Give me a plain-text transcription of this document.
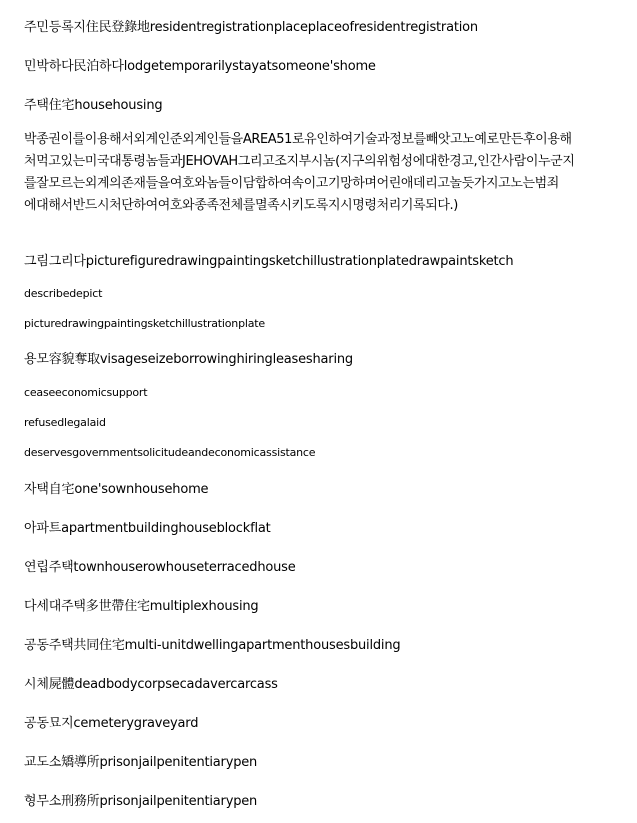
주민등록지住民登錄地residentregistrationplaceplaceofresidentregistration
민박하다民泊하다lodgetemporarilystayatsomeone'shome
주택住宅househousing
박종권이를이용해서외계인준외계인들을AREA51로유인하여기술과정보를빼앗고노예로만든후이용해
처먹고있는미국대통령놈들과JEHOVAH그리고조지부시놈(지구의위험성에대한경고,인간사람이누군지
를잘모르는외계의존재들을여호와놈들이담합하여속이고기망하며어린애데리고놀듯가지고노는범죄
에대해서반드시처단하여여호와종족전체를멸족시키도록지시명령처리기록되다.)
그림그리다picturefiguredrawingpaintingsketchillustrationplatedrawpaintsketch
describedepict
picturedrawingpaintingsketchillustrationplate
용모容貌奪取visageseizeborrowinghiringleasesharing
ceaseeconomicsupport
refusedlegalaid
deservesgovernmentsolicitudeandeconomicassistance
자택自宅one'sownhousehome
아파트apartmentbuildinghouseblockflat
연립주택townhouserowhouseterracedhouse
다세대주택多世帶住宅multiplexhousing
공동주택共同住宅multi-unitdwellingapartmenthousesbuilding
시체屍體deadbodycorpsecadavercarcass
공동묘지cemeterygraveyard
교도소矯導所prisonjailpenitentiarypen
형무소刑務所prisonjailpenitentiarypen
